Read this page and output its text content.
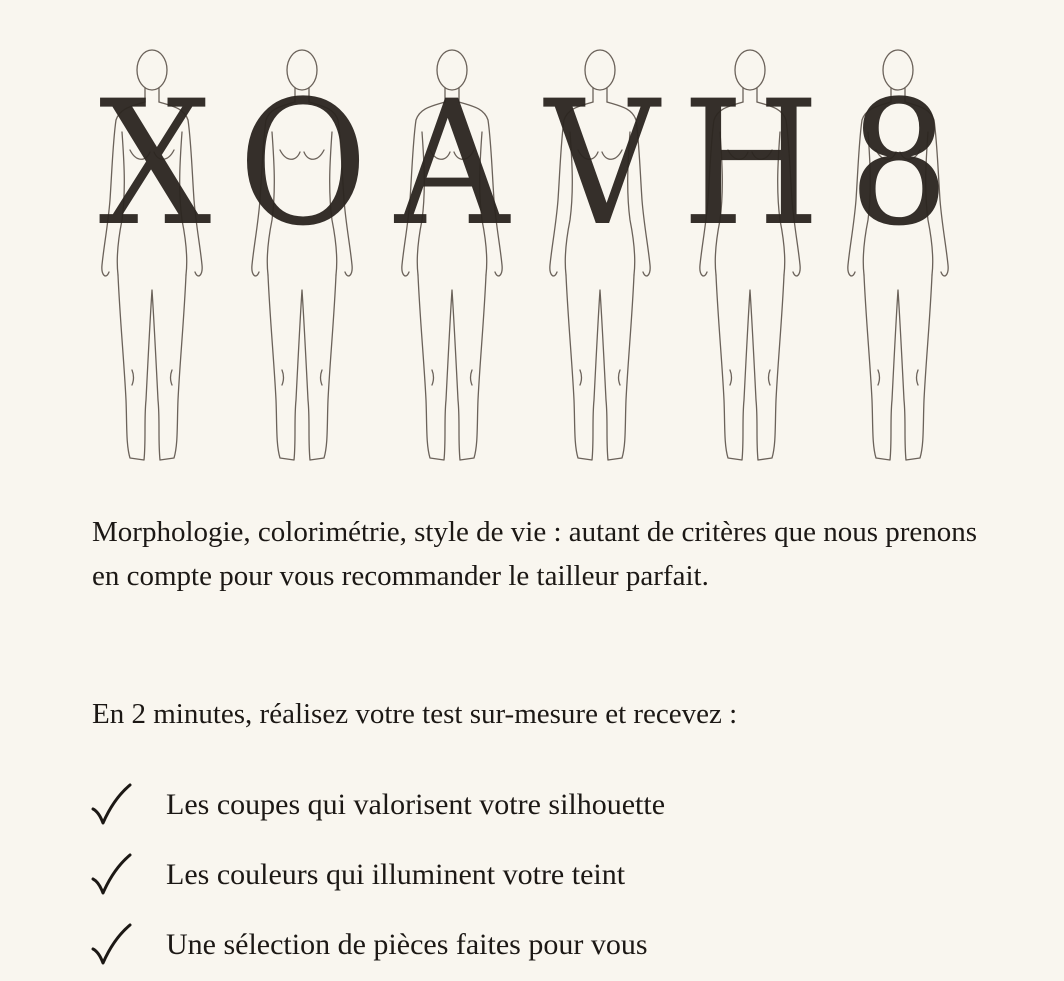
X O A V H 8

Morphologie, colorimétrie, style de vie : autant de critères que nous prenons en compte pour vous recommander le tailleur parfait.

En 2 minutes, réalisez votre test sur-mesure et recevez :

Les coupes qui valorisent votre silhouette
Les couleurs qui illuminent votre teint
Une sélection de pièces faites pour vous
